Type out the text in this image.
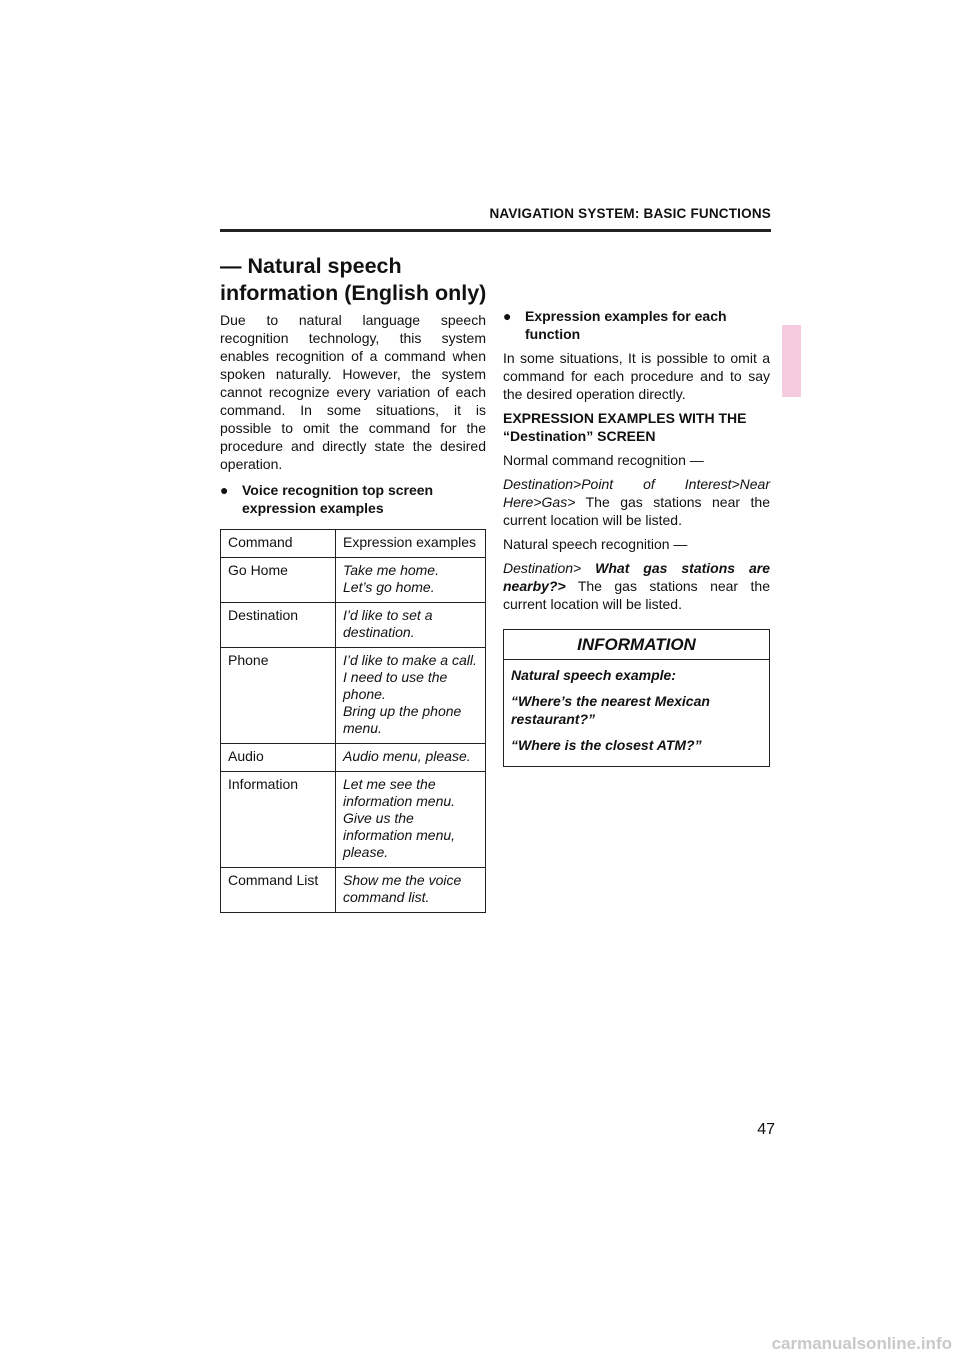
NAVIGATION SYSTEM: BASIC FUNCTIONS
— Natural speech
information (English only)

Due to natural language speech recognition technology, this system enables recognition of a command when spoken naturally. However, the system cannot recognize every variation of each command. In some situations, it is possible to omit the command for the procedure and directly state the desired operation.

● Voice recognition top screen expression examples

Command	Expression examples
Go Home	Take me home.
Let’s go home.

Destination	I’d like to set a destination.

Phone	I’d like to make a call.
I need to use the phone.
Bring up the phone menu.

Audio	Audio menu, please.

Information	Let me see the information menu.
Give us the information menu, please.

Command List	Show me the voice command list.

● Expression examples for each function

In some situations, It is possible to omit a command for each procedure and to say the desired operation directly.

EXPRESSION EXAMPLES WITH THE “Destination” SCREEN

Normal command recognition —

Destination>Point of Interest>Near Here>Gas> The gas stations near the current location will be listed.

Natural speech recognition —

Destination> What gas stations are nearby?> The gas stations near the current location will be listed.

INFORMATION

Natural speech example:

“Where’s the nearest Mexican restaurant?”

“Where is the closest ATM?”

47
carmanualsonline.info
